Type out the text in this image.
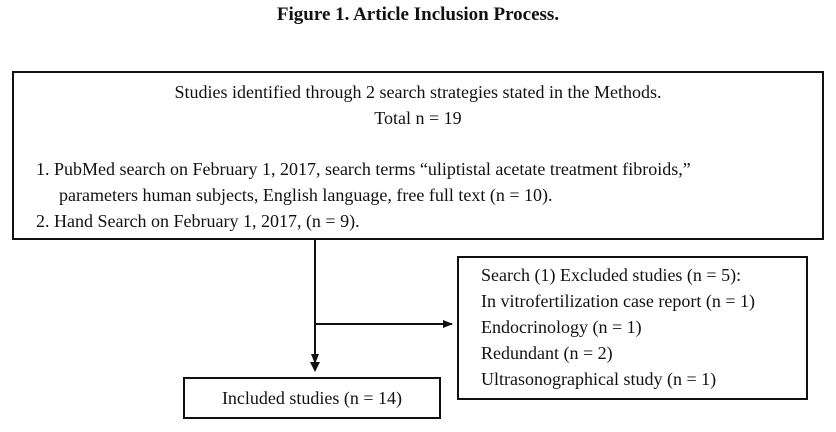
Figure 1. Article Inclusion Process.
Studies identified through 2 search strategies stated in the Methods.
Total n = 19
1. PubMed search on February 1, 2017, search terms “uliptistal acetate treatment fibroids,”
parameters human subjects, English language, free full text (n = 10).
2. Hand Search on February 1, 2017, (n = 9).
Search (1) Excluded studies (n = 5):
In vitrofertilization case report (n = 1)
Endocrinology (n = 1)
Redundant (n = 2)
Ultrasonographical study (n = 1)
Included studies (n = 14)
